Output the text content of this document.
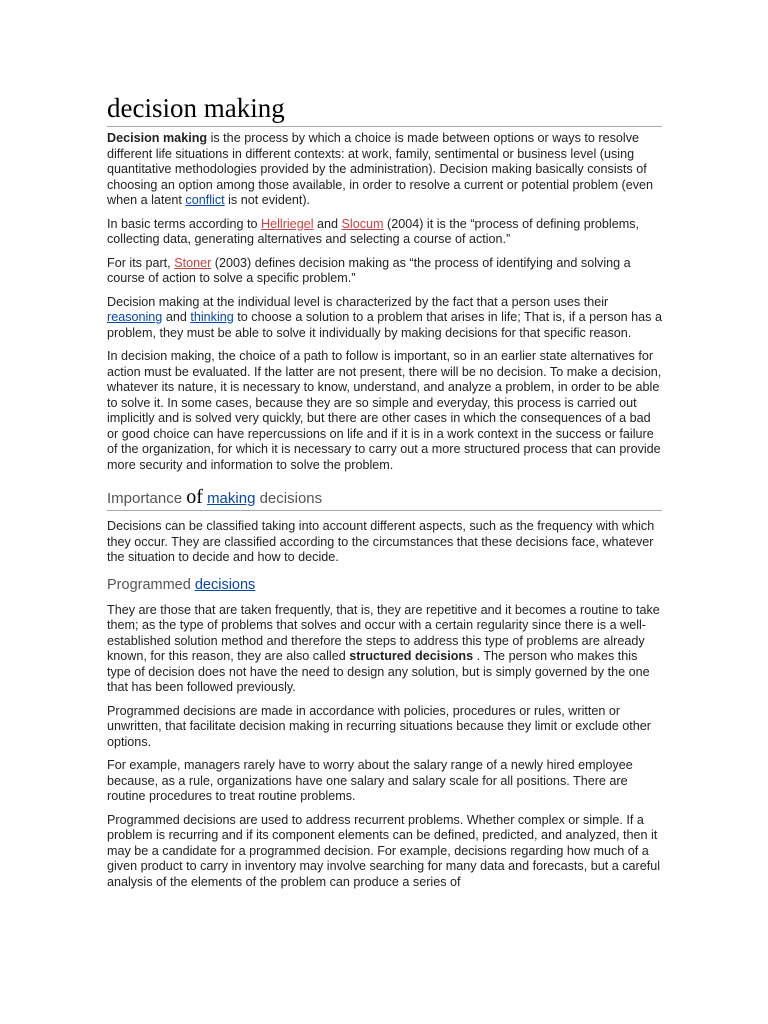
decision making

Decision making is the process by which a choice is made between options or ways to resolve different life situations in different contexts: at work, family, sentimental or business level (using quantitative methodologies provided by the administration). Decision making basically consists of choosing an option among those available, in order to resolve a current or potential problem (even when a latent conflict is not evident).

In basic terms according to Hellriegel and Slocum (2004) it is the “process of defining problems, collecting data, generating alternatives and selecting a course of action.”

For its part, Stoner (2003) defines decision making as “the process of identifying and solving a course of action to solve a specific problem.”

Decision making at the individual level is characterized by the fact that a person uses their reasoning and thinking to choose a solution to a problem that arises in life; That is, if a person has a problem, they must be able to solve it individually by making decisions for that specific reason.

In decision making, the choice of a path to follow is important, so in an earlier state alternatives for action must be evaluated. If the latter are not present, there will be no decision. To make a decision, whatever its nature, it is necessary to know, understand, and analyze a problem, in order to be able to solve it. In some cases, because they are so simple and everyday, this process is carried out implicitly and is solved very quickly, but there are other cases in which the consequences of a bad or good choice can have repercussions on life and if it is in a work context in the success or failure of the organization, for which it is necessary to carry out a more structured process that can provide more security and information to solve the problem.

Importance of making decisions

Decisions can be classified taking into account different aspects, such as the frequency with which they occur. They are classified according to the circumstances that these decisions face, whatever the situation to decide and how to decide.

Programmed decisions

They are those that are taken frequently, that is, they are repetitive and it becomes a routine to take them; as the type of problems that solves and occur with a certain regularity since there is a well-established solution method and therefore the steps to address this type of problems are already known, for this reason, they are also called structured decisions . The person who makes this type of decision does not have the need to design any solution, but is simply governed by the one that has been followed previously.

Programmed decisions are made in accordance with policies, procedures or rules, written or unwritten, that facilitate decision making in recurring situations because they limit or exclude other options.

For example, managers rarely have to worry about the salary range of a newly hired employee because, as a rule, organizations have one salary and salary scale for all positions. There are routine procedures to treat routine problems.

Programmed decisions are used to address recurrent problems. Whether complex or simple. If a problem is recurring and if its component elements can be defined, predicted, and analyzed, then it may be a candidate for a programmed decision. For example, decisions regarding how much of a given product to carry in inventory may involve searching for many data and forecasts, but a careful analysis of the elements of the problem can produce a series of
